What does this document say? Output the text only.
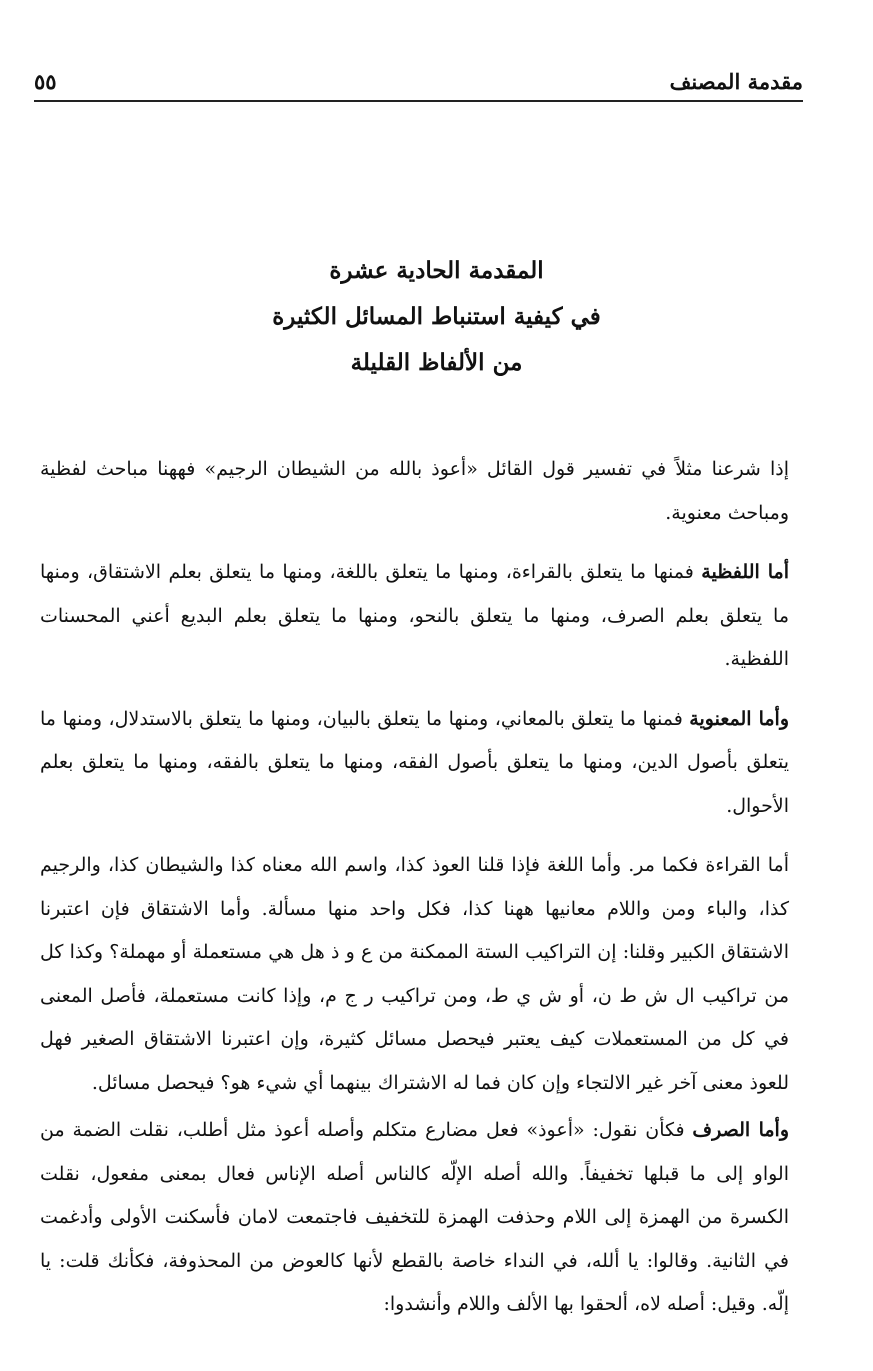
مقدمة المصنف
٥٥
المقدمة الحادية عشرة
في كيفية استنباط المسائل الكثيرة
من الألفاظ القليلة

إذا شرعنا مثلاً في تفسير قول القائل «أعوذ بالله من الشيطان الرجيم» فههنا مباحث لفظية ومباحث معنوية.

أما اللفظية فمنها ما يتعلق بالقراءة، ومنها ما يتعلق باللغة، ومنها ما يتعلق بعلم الاشتقاق، ومنها ما يتعلق بعلم الصرف، ومنها ما يتعلق بالنحو، ومنها ما يتعلق بعلم البديع أعني المحسنات اللفظية.

وأما المعنوية فمنها ما يتعلق بالمعاني، ومنها ما يتعلق بالبيان، ومنها ما يتعلق بالاستدلال، ومنها ما يتعلق بأصول الدين، ومنها ما يتعلق بأصول الفقه، ومنها ما يتعلق بالفقه، ومنها ما يتعلق بعلم الأحوال.

أما القراءة فكما مر. وأما اللغة فإذا قلنا العوذ كذا، واسم الله معناه كذا والشيطان كذا، والرجيم كذا، والباء ومن واللام معانيها ههنا كذا، فكل واحد منها مسألة. وأما الاشتقاق فإن اعتبرنا الاشتقاق الكبير وقلنا: إن التراكيب الستة الممكنة من ع و ذ هل هي مستعملة أو مهملة؟ وكذا كل من تراكيب ال ش ط ن، أو ش ي ط، ومن تراكيب ر ج م، وإذا كانت مستعملة، فأصل المعنى في كل من المستعملات كيف يعتبر فيحصل مسائل كثيرة، وإن اعتبرنا الاشتقاق الصغير فهل للعوذ معنى آخر غير الالتجاء وإن كان فما له الاشتراك بينهما أي شيء هو؟ فيحصل مسائل.

وأما الصرف فكأن نقول: «أعوذ» فعل مضارع متكلم وأصله أعوذ مثل أطلب، نقلت الضمة من الواو إلى ما قبلها تخفيفاً. والله أصله الإلّه كالناس أصله الإناس فعال بمعنى مفعول، نقلت الكسرة من الهمزة إلى اللام وحذفت الهمزة للتخفيف فاجتمعت لامان فأسكنت الأولى وأدغمت في الثانية. وقالوا: يا ألله، في النداء خاصة بالقطع لأنها كالعوض من المحذوفة، فكأنك قلت: يا إلّه. وقيل: أصله لاه، ألحقوا بها الألف واللام وأنشدوا:
